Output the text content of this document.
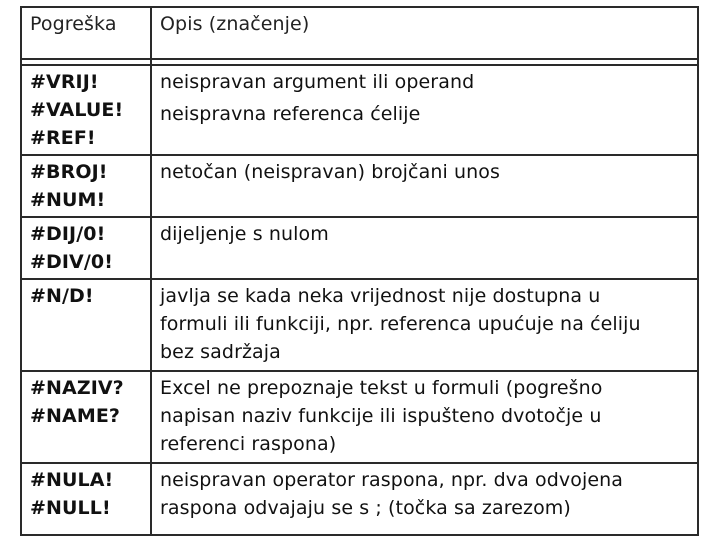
Pogreška	Opis (značenje)

#VRIJ!
#VALUE!
#REF!	neispravan argument ili operand
neispravna referenca ćelije

#BROJ!
#NUM!	netočan (neispravan) brojčani unos

#DIJ/0!
#DIV/0!	dijeljenje s nulom

#N/D!	javlja se kada neka vrijednost nije dostupna u
formuli ili funkciji, npr. referenca upućuje na ćeliju
bez sadržaja

#NAZIV?
#NAME?	Excel ne prepoznaje tekst u formuli (pogrešno
napisan naziv funkcije ili ispušteno dvotočje u
referenci raspona)

#NULA!
#NULL!	neispravan operator raspona, npr. dva odvojena
raspona odvajaju se s ; (točka sa zarezom)
